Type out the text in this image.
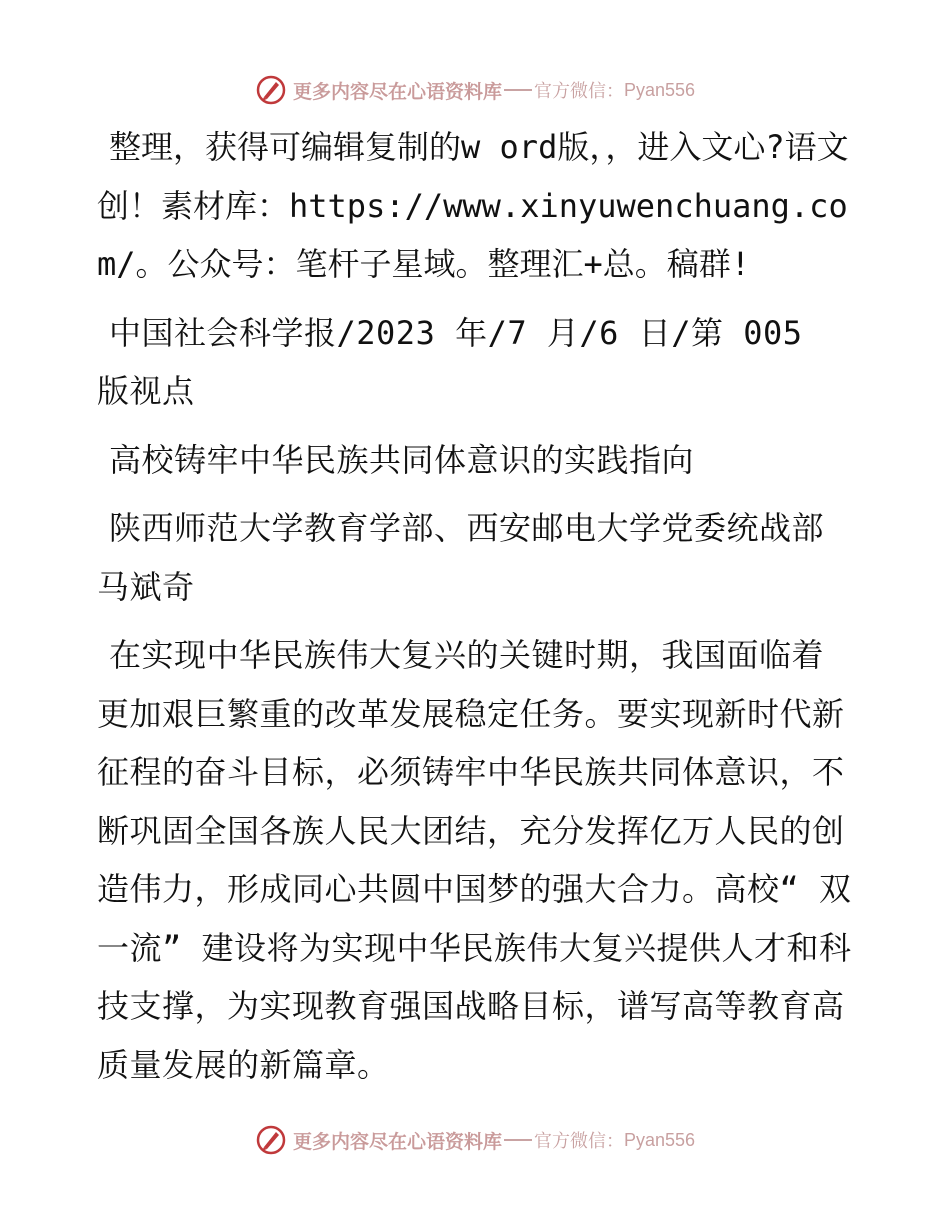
更多内容尽在心语资料库 官方微信： Pyan556

整理，获得可编辑复制的w ord版，，进入文心?语文创！素材库：https://www.xinyuwenchuang.com/。公众号：笔杆子星域。整理汇+总。稿群!

中国社会科学报/2023 年/7 月/6 日/第 005 版视点

高校铸牢中华民族共同体意识的实践指向

陕西师范大学教育学部、西安邮电大学党委统战部　马斌奇

在实现中华民族伟大复兴的关键时期，我国面临着更加艰巨繁重的改革发展稳定任务。要实现新时代新征程的奋斗目标，必须铸牢中华民族共同体意识，不断巩固全国各族人民大团结，充分发挥亿万人民的创造伟力，形成同心共圆中国梦的强大合力。高校“ 双一流” 建设将为实现中华民族伟大复兴提供人才和科技支撑，为实现教育强国战略目标，谱写高等教育高质量发展的新篇章。

更多内容尽在心语资料库 官方微信： Pyan556
